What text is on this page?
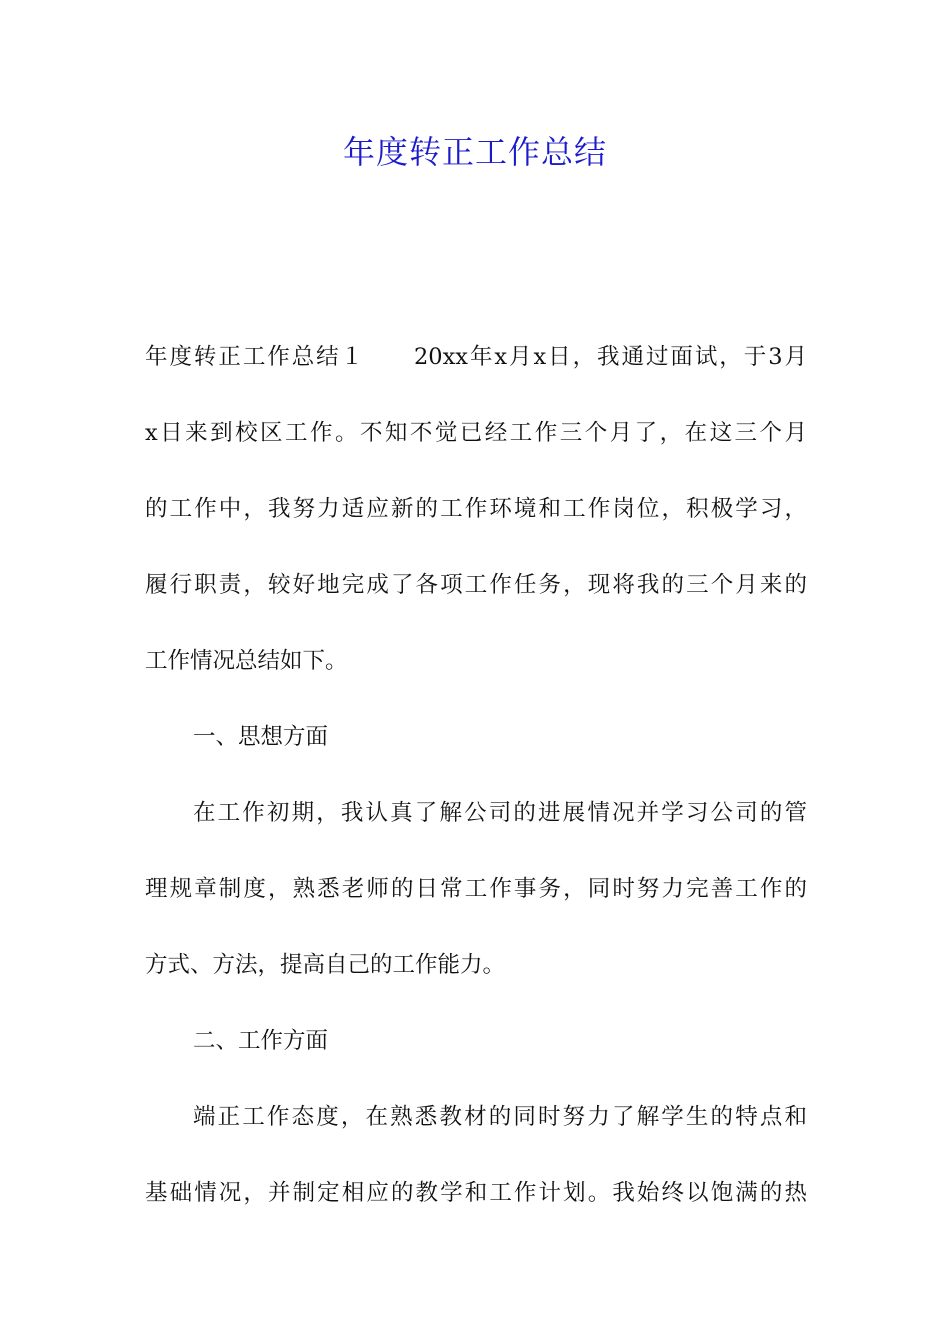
年度转正工作总结
年度转正工作总结１　　20xx年x月x日，我通过面试，于3月
x日来到校区工作。不知不觉已经工作三个月了，在这三个月
的工作中，我努力适应新的工作环境和工作岗位，积极学习，
履行职责，较好地完成了各项工作任务，现将我的三个月来的
工作情况总结如下。
一、思想方面
在工作初期，我认真了解公司的进展情况并学习公司的管
理规章制度，熟悉老师的日常工作事务，同时努力完善工作的
方式、方法，提高自己的工作能力。
二、工作方面
端正工作态度，在熟悉教材的同时努力了解学生的特点和
基础情况，并制定相应的教学和工作计划。我始终以饱满的热
